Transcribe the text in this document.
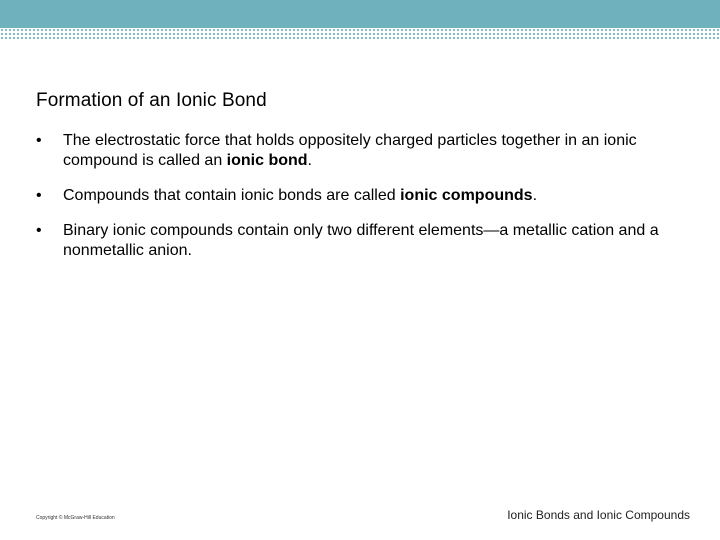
Formation of an Ionic Bond
•	The electrostatic force that holds oppositely charged particles together in an ionic compound is called an ionic bond.
•	Compounds that contain ionic bonds are called ionic compounds.
•	Binary ionic compounds contain only two different elements—a metallic cation and a nonmetallic anion.
Copyright © McGraw-Hill Education	Ionic Bonds and Ionic Compounds
